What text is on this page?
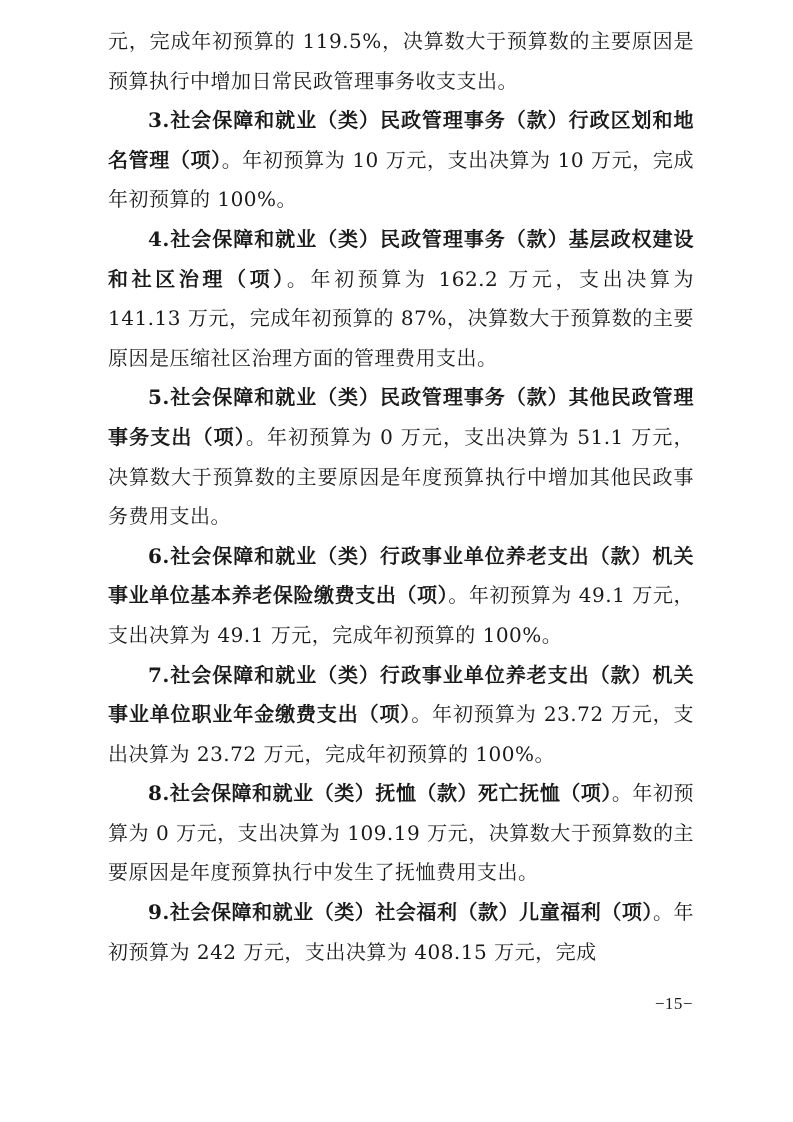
元，完成年初预算的 119.5%，决算数大于预算数的主要原因是预算执行中增加日常民政管理事务收支支出。

3.社会保障和就业（类）民政管理事务（款）行政区划和地名管理（项）。年初预算为 10 万元，支出决算为 10 万元，完成年初预算的 100%。

4.社会保障和就业（类）民政管理事务（款）基层政权建设和社区治理（项）。年初预算为 162.2 万元，支出决算为 141.13 万元，完成年初预算的 87%，决算数大于预算数的主要原因是压缩社区治理方面的管理费用支出。

5.社会保障和就业（类）民政管理事务（款）其他民政管理事务支出（项）。年初预算为 0 万元，支出决算为 51.1 万元，决算数大于预算数的主要原因是年度预算执行中增加其他民政事务费用支出。

6.社会保障和就业（类）行政事业单位养老支出（款）机关事业单位基本养老保险缴费支出（项）。年初预算为 49.1 万元，支出决算为 49.1 万元，完成年初预算的 100%。

7.社会保障和就业（类）行政事业单位养老支出（款）机关事业单位职业年金缴费支出（项）。年初预算为 23.72 万元，支出决算为 23.72 万元，完成年初预算的 100%。

8.社会保障和就业（类）抚恤（款）死亡抚恤（项）。年初预算为 0 万元，支出决算为 109.19 万元，决算数大于预算数的主要原因是年度预算执行中发生了抚恤费用支出。

9.社会保障和就业（类）社会福利（款）儿童福利（项）。年初预算为 242 万元，支出决算为 408.15 万元，完成

−15−
